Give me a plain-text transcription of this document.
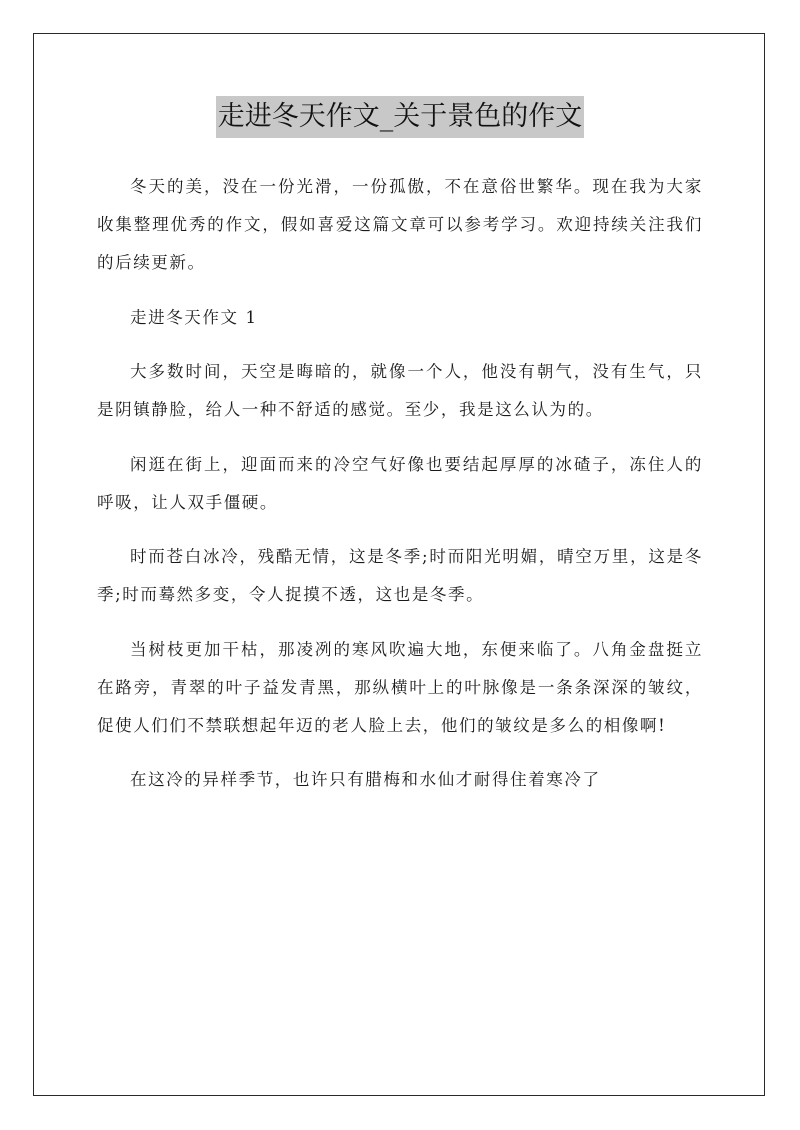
走进冬天作文_关于景色的作文

冬天的美，没在一份光滑，一份孤傲，不在意俗世繁华。现在我为大家收集整理优秀的作文，假如喜爱这篇文章可以参考学习。欢迎持续关注我们的后续更新。

走进冬天作文 1

大多数时间，天空是晦暗的，就像一个人，他没有朝气，没有生气，只是阴镇静脸，给人一种不舒适的感觉。至少，我是这么认为的。

闲逛在街上，迎面而来的冷空气好像也要结起厚厚的冰碴子，冻住人的呼吸，让人双手僵硬。

时而苍白冰冷，残酷无情，这是冬季;时而阳光明媚，晴空万里，这是冬季;时而蓦然多变，令人捉摸不透，这也是冬季。

当树枝更加干枯，那凌冽的寒风吹遍大地，东便来临了。八角金盘挺立在路旁，青翠的叶子益发青黑，那纵横叶上的叶脉像是一条条深深的皱纹，促使人们们不禁联想起年迈的老人脸上去，他们的皱纹是多么的相像啊!

在这冷的异样季节，也许只有腊梅和水仙才耐得住着寒冷了
